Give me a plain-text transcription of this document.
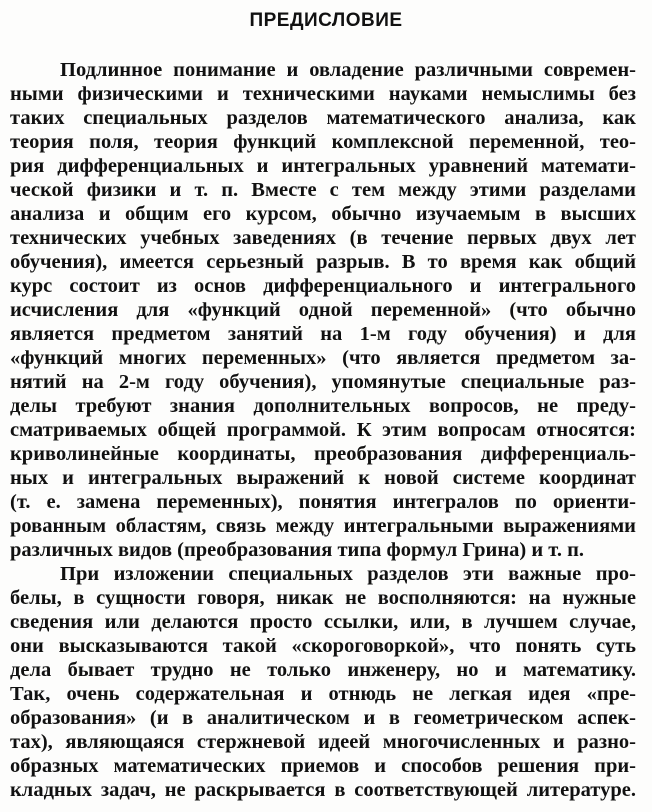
ПРЕДИСЛОВИЕ
Подлинное понимание и овладение различными современ-
ными физическими и техническими науками немыслимы без
таких специальных разделов математического анализа, как
теория поля, теория функций комплексной переменной, тео-
рия дифференциальных и интегральных уравнений математи-
ческой физики и т. п. Вместе с тем между этими разделами
анализа и общим его курсом, обычно изучаемым в высших
технических учебных заведениях (в течение первых двух лет
обучения), имеется серьезный разрыв. В то время как общий
курс состоит из основ дифференциального и интегрального
исчисления для «функций одной переменной» (что обычно
является предметом занятий на 1-м году обучения) и для
«функций многих переменных» (что является предметом за-
нятий на 2-м году обучения), упомянутые специальные раз-
делы требуют знания дополнительных вопросов, не преду-
сматриваемых общей программой. К этим вопросам относятся:
криволинейные координаты, преобразования дифференциаль-
ных и интегральных выражений к новой системе координат
(т. е. замена переменных), понятия интегралов по ориенти-
рованным областям, связь между интегральными выражениями
различных видов (преобразования типа формул Грина) и т. п.
При изложении специальных разделов эти важные про-
белы, в сущности говоря, никак не восполняются: на нужные
сведения или делаются просто ссылки, или, в лучшем случае,
они высказываются такой «скороговоркой», что понять суть
дела бывает трудно не только инженеру, но и математику.
Так, очень содержательная и отнюдь не легкая идея «пре-
образования» (и в аналитическом и в геометрическом аспек-
тах), являющаяся стержневой идеей многочисленных и разно-
образных математических приемов и способов решения при-
кладных задач, не раскрывается в соответствующей литературе.
